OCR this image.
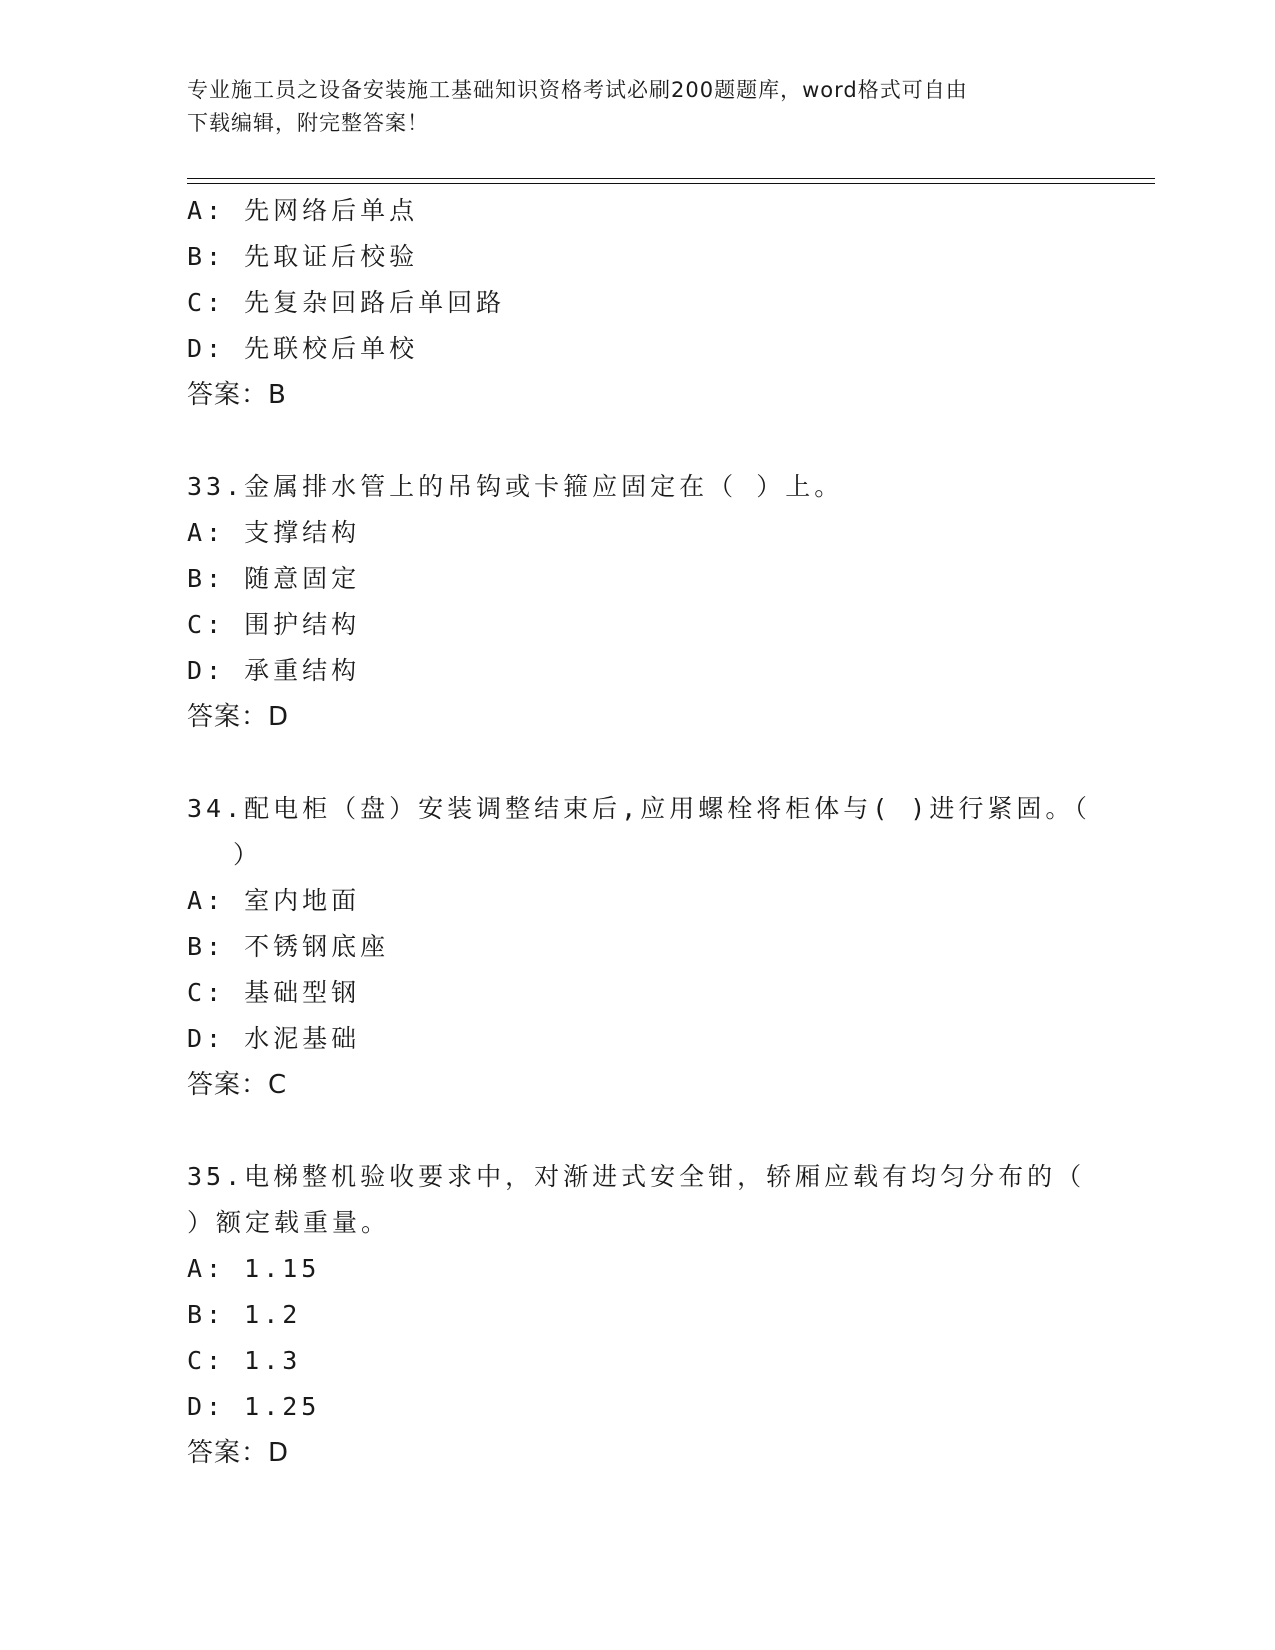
专业施工员之设备安装施工基础知识资格考试必刷200题题库，word格式可自由
下载编辑，附完整答案！
A: 先网络后单点
B: 先取证后校验
C: 先复杂回路后单回路
D: 先联校后单校
答案：B
33.金属排水管上的吊钩或卡箍应固定在（ ）上。
A: 支撑结构
B: 随意固定
C: 围护结构
D: 承重结构
答案：D
34.配电柜（盘）安装调整结束后,应用螺栓将柜体与( )进行紧固。（
）
A: 室内地面
B: 不锈钢底座
C: 基础型钢
D: 水泥基础
答案：C
35.电梯整机验收要求中，对渐进式安全钳，轿厢应载有均匀分布的（
）额定载重量。
A: 1.15
B: 1.2
C: 1.3
D: 1.25
答案：D
